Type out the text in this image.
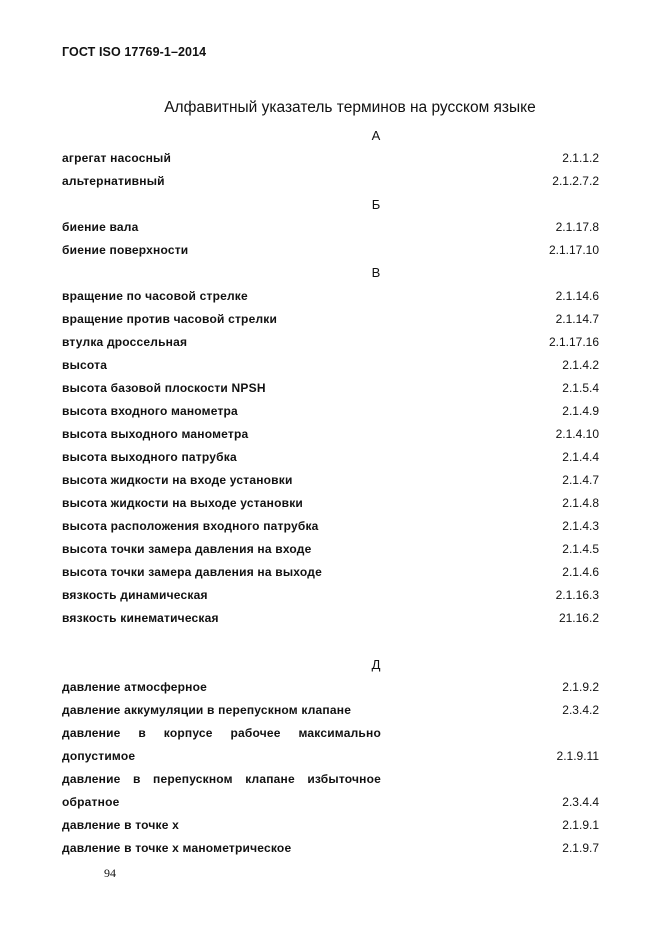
ГОСТ ISO 17769-1–2014
Алфавитный указатель терминов на русском языке
А
агрегат насосный	2.1.1.2
альтернативный	2.1.2.7.2
Б
биение вала	2.1.17.8
биение поверхности	2.1.17.10
В
вращение по часовой стрелке	2.1.14.6
вращение против часовой стрелки	2.1.14.7
втулка дроссельная	2.1.17.16
высота	2.1.4.2
высота базовой плоскости NPSH	2.1.5.4
высота входного манометра	2.1.4.9
высота выходного манометра	2.1.4.10
высота выходного патрубка	2.1.4.4
высота жидкости на входе установки	2.1.4.7
высота жидкости на выходе установки	2.1.4.8
высота расположения входного патрубка	2.1.4.3
высота точки замера давления на входе	2.1.4.5
высота точки замера давления на выходе	2.1.4.6
вязкость динамическая	2.1.16.3
вязкость кинематическая	21.16.2
Д
давление атмосферное	2.1.9.2
давление аккумуляции в перепускном клапане	2.3.4.2
давление в корпусе рабочее максимально
допустимое	2.1.9.11
давление в перепускном клапане избыточное
обратное	2.3.4.4
давление в точке x	2.1.9.1
давление в точке x манометрическое	2.1.9.7
94
